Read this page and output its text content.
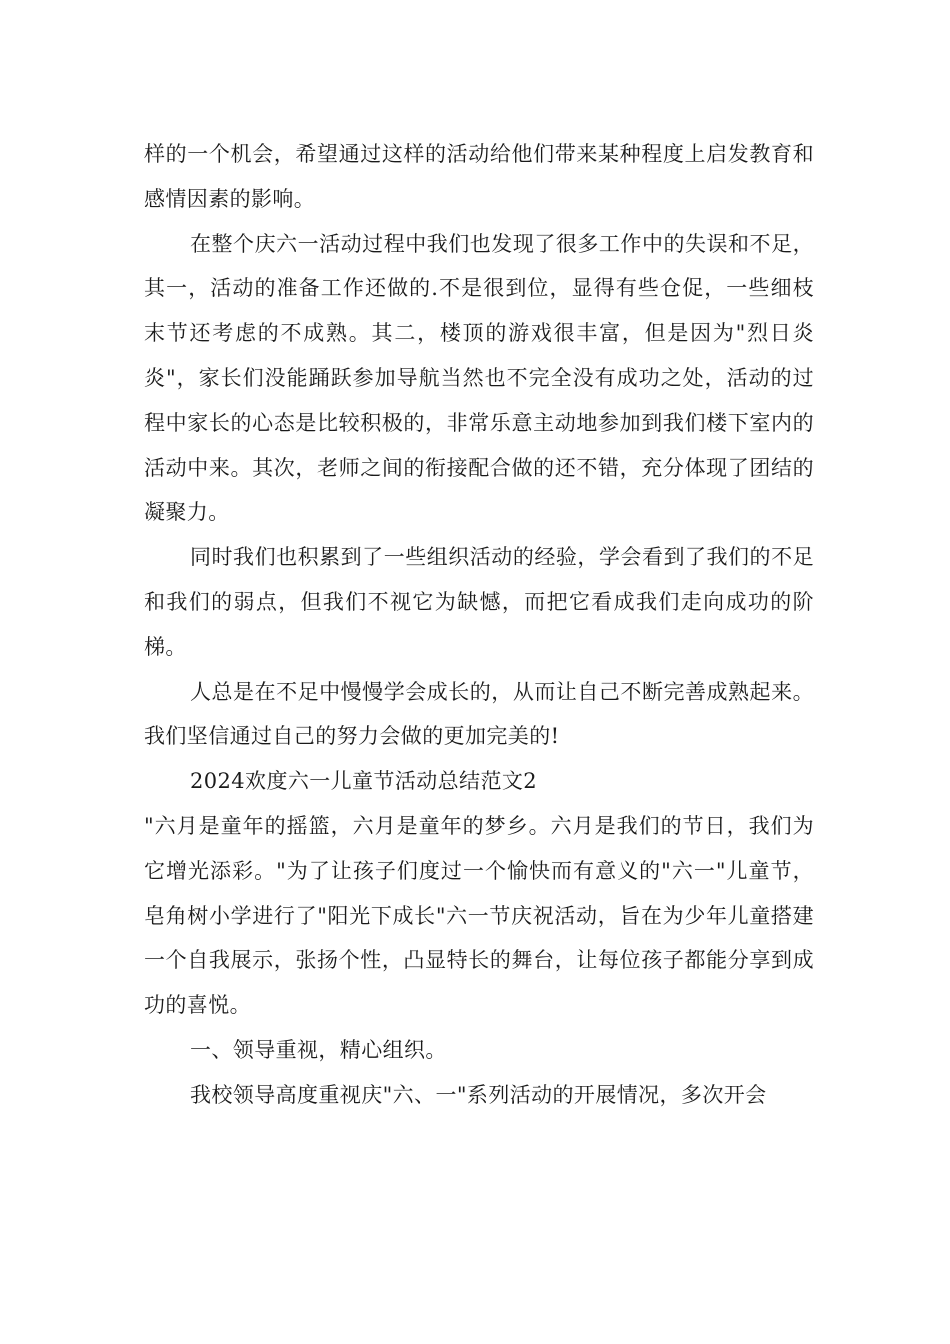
样的一个机会，希望通过这样的活动给他们带来某种程度上启发教育和感情因素的影响。

在整个庆六一活动过程中我们也发现了很多工作中的失误和不足，其一，活动的准备工作还做的.不是很到位，显得有些仓促，一些细枝末节还考虑的不成熟。其二，楼顶的游戏很丰富，但是因为"烈日炎炎"，家长们没能踊跃参加导航当然也不完全没有成功之处，活动的过程中家长的心态是比较积极的，非常乐意主动地参加到我们楼下室内的活动中来。其次，老师之间的衔接配合做的还不错，充分体现了团结的凝聚力。

同时我们也积累到了一些组织活动的经验，学会看到了我们的不足和我们的弱点，但我们不视它为缺憾，而把它看成我们走向成功的阶梯。

人总是在不足中慢慢学会成长的，从而让自己不断完善成熟起来。我们坚信通过自己的努力会做的更加完美的!

2024欢度六一儿童节活动总结范文2

"六月是童年的摇篮，六月是童年的梦乡。六月是我们的节日，我们为它增光添彩。"为了让孩子们度过一个愉快而有意义的"六一"儿童节，皂角树小学进行了"阳光下成长"六一节庆祝活动，旨在为少年儿童搭建一个自我展示，张扬个性，凸显特长的舞台，让每位孩子都能分享到成功的喜悦。

一、领导重视，精心组织。

我校领导高度重视庆"六、一"系列活动的开展情况，多次开会
